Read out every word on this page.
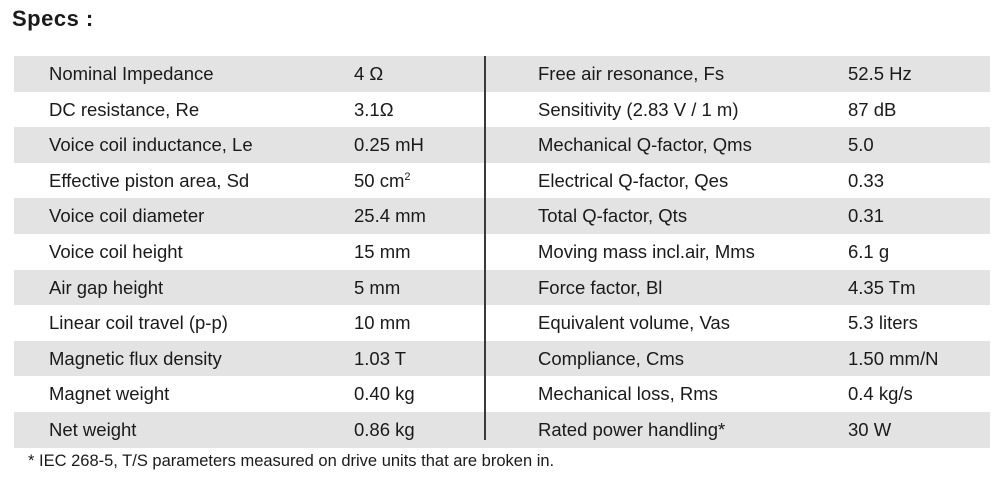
Specs :
Nominal Impedance	4 Ω	Free air resonance, Fs	52.5 Hz
DC resistance, Re	3.1Ω	Sensitivity (2.83 V / 1 m)	87 dB
Voice coil inductance, Le	0.25 mH	Mechanical Q-factor, Qms	5.0
Effective piston area, Sd	50 $cm^2$	Electrical Q-factor, Qes	0.33
Voice coil diameter	25.4 mm	Total Q-factor, Qts	0.31
Voice coil height	15 mm	Moving mass incl.air, Mms	6.1 g
Air gap height	5 mm	Force factor, Bl	4.35 Tm
Linear coil travel (p-p)	10 mm	Equivalent volume, Vas	5.3 liters
Magnetic flux density	1.03 T	Compliance, Cms	1.50 mm/N
Magnet weight	0.40 kg	Mechanical loss, Rms	0.4 kg/s
Net weight	0.86 kg	Rated power handling*	30 W
* IEC 268-5, T/S parameters measured on drive units that are broken in.
